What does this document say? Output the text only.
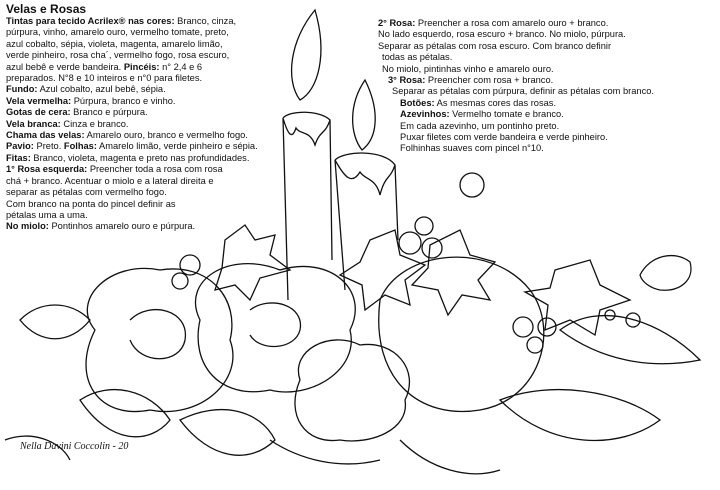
Velas e Rosas
Tintas para tecido Acrilex® nas cores: Branco, cinza,
púrpura, vinho, amarelo ouro, vermelho tomate, preto,
azul cobalto, sépia, violeta, magenta, amarelo limão,
verde pinheiro, rosa cha´, vermelho fogo, rosa escuro,
azul bebê e verde bandeira. Pincéis: n° 2,4 e 6
preparados. N°8 e 10 inteiros e n°0 para filetes.
Fundo: Azul cobalto, azul bebê, sépia.
Vela vermelha: Púrpura, branco e vinho.
Gotas de cera: Branco e púrpura.
Vela branca: Cinza e branco.
Chama das velas: Amarelo ouro, branco e vermelho fogo.
Pavio: Preto. Folhas: Amarelo limão, verde pinheiro e sépia.
Fitas: Branco, violeta, magenta e preto nas profundidades.
1° Rosa esquerda: Preencher toda a rosa com rosa
chá + branco. Acentuar o miolo e a lateral direita e
separar as pétalas com vermelho fogo.
Com branco na ponta do pincel definir as
pétalas uma a uma.
No miolo: Pontinhos amarelo ouro e púrpura.
2° Rosa: Preencher a rosa com amarelo ouro + branco.
No lado esquerdo, rosa escuro + branco. No miolo, púrpura.
Separar as pétalas com rosa escuro. Com branco definir
todas as pétalas.
No miolo, pintinhas vinho e amarelo ouro.
3° Rosa: Preencher com rosa + branco.
Separar as pétalas com púrpura, definir as pétalas com branco.
Botões: As mesmas cores das rosas.
Azevinhos: Vermelho tomate e branco.
Em cada azevinho, um pontinho preto.
Puxar filetes com verde bandeira e verde pinheiro.
Folhinhas suaves com pincel n°10.
Nella Davini Coccolin - 20
